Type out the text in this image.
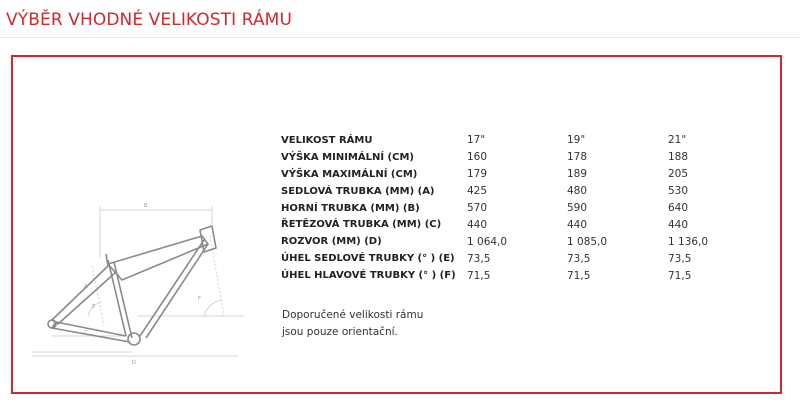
VÝBĚR VHODNÉ VELIKOSTI RÁMU
B
A
C
D
E
F
VELIKOST RÁMU	17"	19"	21"
VÝŠKA MINIMÁLNÍ (CM)	160	178	188
VÝŠKA MAXIMÁLNÍ (CM)	179	189	205
SEDLOVÁ TRUBKA (MM) (A)	425	480	530
HORNÍ TRUBKA (MM) (B)	570	590	640
ŘETĚZOVÁ TRUBKA (MM) (C)	440	440	440
ROZVOR (MM) (D)	1 064,0	1 085,0	1 136,0
ÚHEL SEDLOVÉ TRUBKY (° ) (E)	73,5	73,5	73,5
ÚHEL HLAVOVÉ TRUBKY (° ) (F)	71,5	71,5	71,5
Doporučené velikosti rámu
jsou pouze orientační.
